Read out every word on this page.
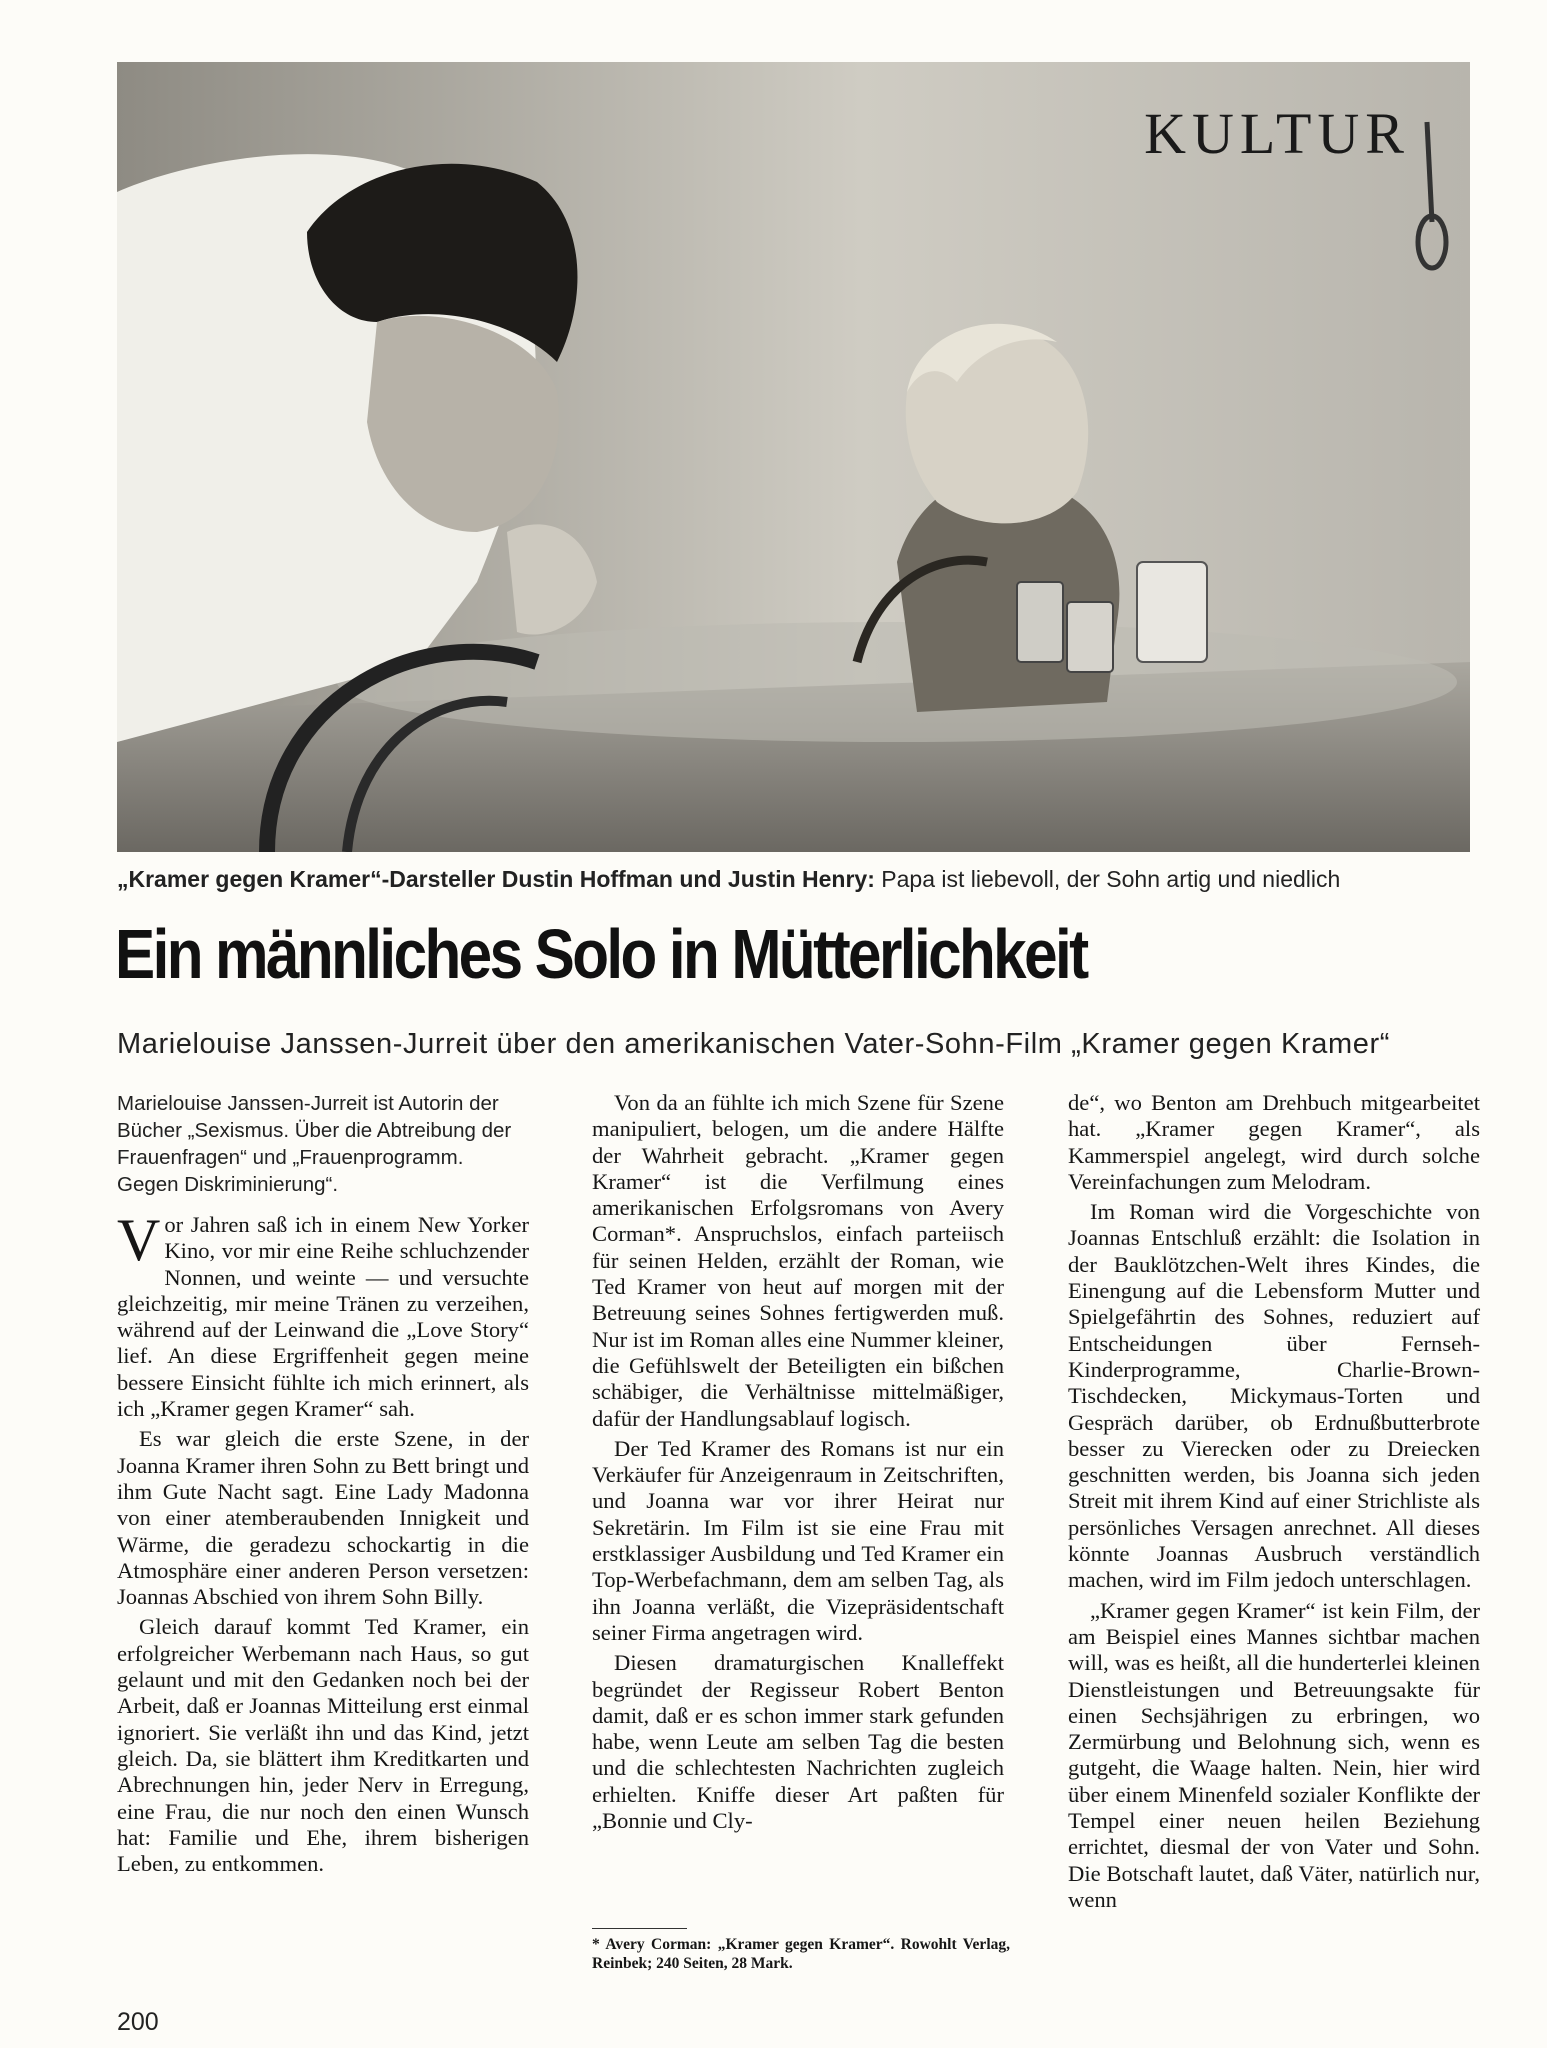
KULTUR
„Kramer gegen Kramer“-Darsteller Dustin Hoffman und Justin Henry: Papa ist liebevoll, der Sohn artig und niedlich
Ein männliches Solo in Mütterlichkeit
Marielouise Janssen-Jurreit über den amerikanischen Vater-Sohn-Film „Kramer gegen Kramer“
Marielouise Janssen-Jurreit ist Autorin der Bücher „Sexismus. Über die Abtreibung der Frauenfragen“ und „Frauenprogramm. Gegen Diskriminierung“.

Vor Jahren saß ich in einem New Yorker Kino, vor mir eine Reihe schluchzender Nonnen, und weinte — und versuchte gleichzeitig, mir meine Tränen zu verzeihen, während auf der Leinwand die „Love Story“ lief. An diese Ergriffenheit gegen meine bessere Einsicht fühlte ich mich erinnert, als ich „Kramer gegen Kramer“ sah.

Es war gleich die erste Szene, in der Joanna Kramer ihren Sohn zu Bett bringt und ihm Gute Nacht sagt. Eine Lady Madonna von einer atemberaubenden Innigkeit und Wärme, die geradezu schockartig in die Atmosphäre einer anderen Person versetzen: Joannas Abschied von ihrem Sohn Billy.

Gleich darauf kommt Ted Kramer, ein erfolgreicher Werbemann nach Haus, so gut gelaunt und mit den Gedanken noch bei der Arbeit, daß er Joannas Mitteilung erst einmal ignoriert. Sie verläßt ihn und das Kind, jetzt gleich. Da, sie blättert ihm Kreditkarten und Abrechnungen hin, jeder Nerv in Erregung, eine Frau, die nur noch den einen Wunsch hat: Familie und Ehe, ihrem bisherigen Leben, zu entkommen.

Von da an fühlte ich mich Szene für Szene manipuliert, belogen, um die andere Hälfte der Wahrheit gebracht. „Kramer gegen Kramer“ ist die Verfilmung eines amerikanischen Erfolgsromans von Avery Corman*. Anspruchslos, einfach parteiisch für seinen Helden, erzählt der Roman, wie Ted Kramer von heut auf morgen mit der Betreuung seines Sohnes fertigwerden muß. Nur ist im Roman alles eine Nummer kleiner, die Gefühlswelt der Beteiligten ein bißchen schäbiger, die Verhältnisse mittelmäßiger, dafür der Handlungsablauf logisch.

Der Ted Kramer des Romans ist nur ein Verkäufer für Anzeigenraum in Zeitschriften, und Joanna war vor ihrer Heirat nur Sekretärin. Im Film ist sie eine Frau mit erstklassiger Ausbildung und Ted Kramer ein Top-Werbefachmann, dem am selben Tag, als ihn Joanna verläßt, die Vizepräsidentschaft seiner Firma angetragen wird.

Diesen dramaturgischen Knalleffekt begründet der Regisseur Robert Benton damit, daß er es schon immer stark gefunden habe, wenn Leute am selben Tag die besten und die schlechtesten Nachrichten zugleich erhielten. Kniffe dieser Art paßten für „Bonnie und Cly-

* Avery Corman: „Kramer gegen Kramer“. Rowohlt Verlag, Reinbek; 240 Seiten, 28 Mark.

de“, wo Benton am Drehbuch mitgearbeitet hat. „Kramer gegen Kramer“, als Kammerspiel angelegt, wird durch solche Vereinfachungen zum Melodram.

Im Roman wird die Vorgeschichte von Joannas Entschluß erzählt: die Isolation in der Bauklötzchen-Welt ihres Kindes, die Einengung auf die Lebensform Mutter und Spielgefährtin des Sohnes, reduziert auf Entscheidungen über Fernseh-Kinderprogramme, Charlie-Brown-Tischdecken, Mickymaus-Torten und Gespräch darüber, ob Erdnußbutterbrote besser zu Vierecken oder zu Dreiecken geschnitten werden, bis Joanna sich jeden Streit mit ihrem Kind auf einer Strichliste als persönliches Versagen anrechnet. All dieses könnte Joannas Ausbruch verständlich machen, wird im Film jedoch unterschlagen.

„Kramer gegen Kramer“ ist kein Film, der am Beispiel eines Mannes sichtbar machen will, was es heißt, all die hunderterlei kleinen Dienstleistungen und Betreuungsakte für einen Sechsjährigen zu erbringen, wo Zermürbung und Belohnung sich, wenn es gutgeht, die Waage halten. Nein, hier wird über einem Minenfeld sozialer Konflikte der Tempel einer neuen heilen Beziehung errichtet, diesmal der von Vater und Sohn. Die Botschaft lautet, daß Väter, natürlich nur, wenn

200
